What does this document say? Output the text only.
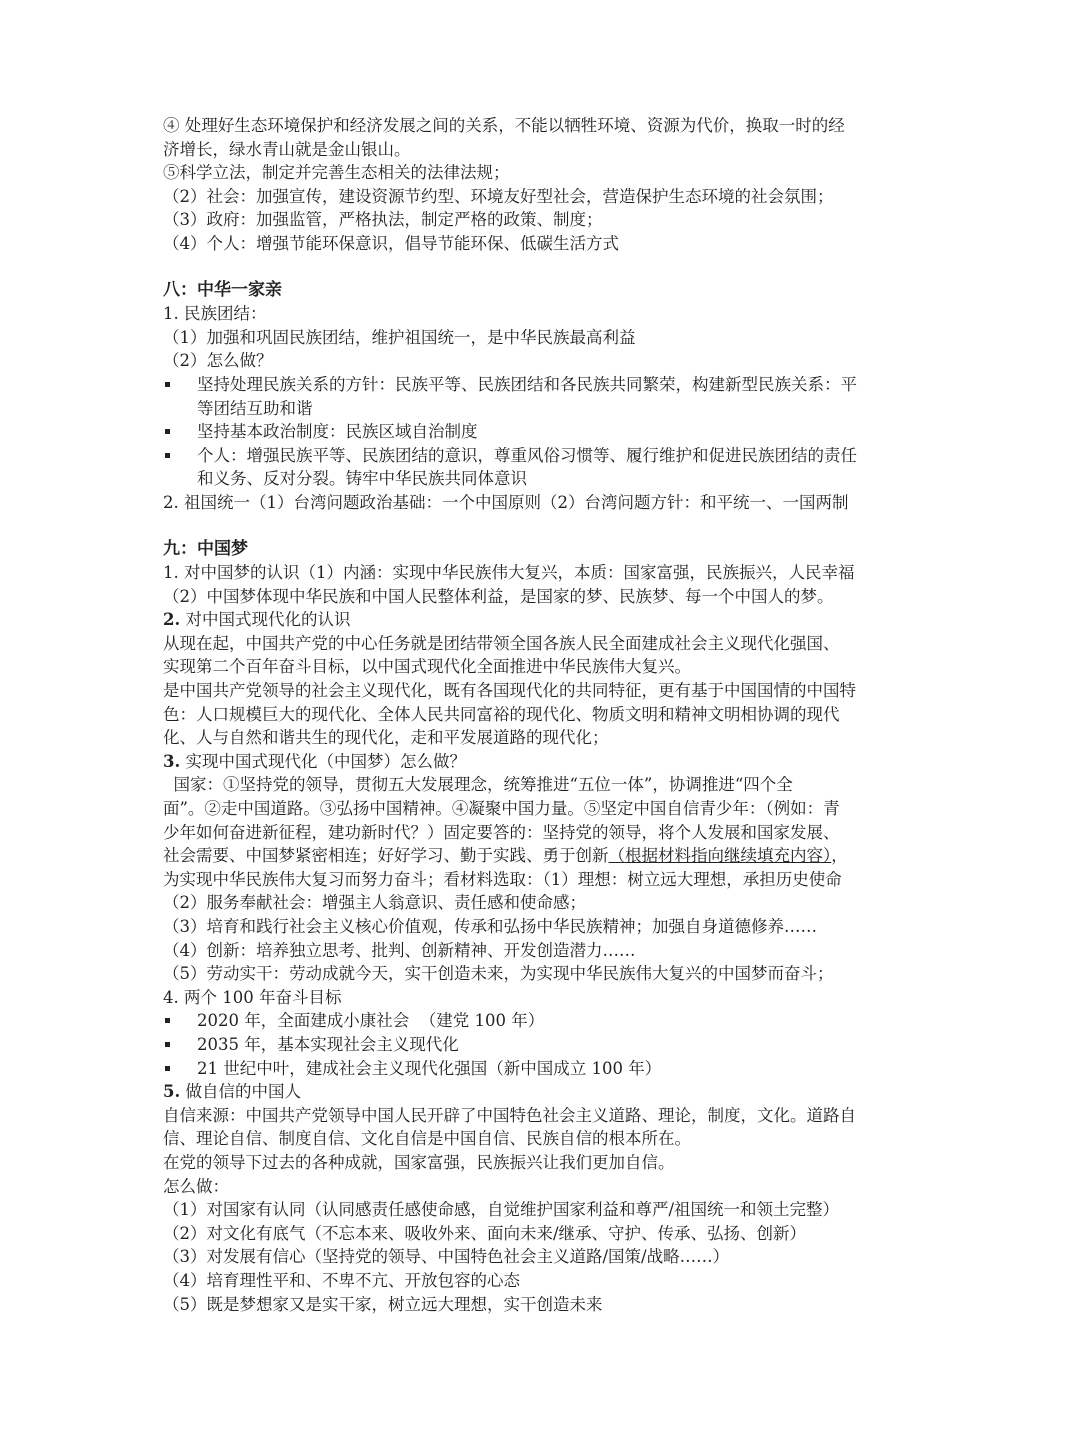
④ 处理好生态环境保护和经济发展之间的关系，不能以牺牲环境、资源为代价，换取一时的经
济增长，绿水青山就是金山银山。
⑤科学立法，制定并完善生态相关的法律法规；
（2）社会：加强宣传，建设资源节约型、环境友好型社会，营造保护生态环境的社会氛围；
（3）政府：加强监管，严格执法，制定严格的政策、制度；
（4）个人：增强节能环保意识，倡导节能环保、低碳生活方式
八：中华一家亲
1. 民族团结：
（1）加强和巩固民族团结，维护祖国统一，是中华民族最高利益
（2）怎么做？
坚持处理民族关系的方针：民族平等、民族团结和各民族共同繁荣，构建新型民族关系：平
等团结互助和谐
坚持基本政治制度：民族区域自治制度
个人：增强民族平等、民族团结的意识，尊重风俗习惯等、履行维护和促进民族团结的责任
和义务、反对分裂。铸牢中华民族共同体意识
2. 祖国统一（1）台湾问题政治基础：一个中国原则（2）台湾问题方针：和平统一、一国两制
九：中国梦
1. 对中国梦的认识（1）内涵：实现中华民族伟大复兴，本质：国家富强，民族振兴，人民幸福
（2）中国梦体现中华民族和中国人民整体利益，是国家的梦、民族梦、每一个中国人的梦。
2. 对中国式现代化的认识
从现在起，中国共产党的中心任务就是团结带领全国各族人民全面建成社会主义现代化强国、
实现第二个百年奋斗目标，以中国式现代化全面推进中华民族伟大复兴。
是中国共产党领导的社会主义现代化，既有各国现代化的共同特征，更有基于中国国情的中国特
色：人口规模巨大的现代化、全体人民共同富裕的现代化、物质文明和精神文明相协调的现代
化、人与自然和谐共生的现代化，走和平发展道路的现代化；
3. 实现中国式现代化（中国梦）怎么做？
国家：①坚持党的领导，贯彻五大发展理念，统筹推进“五位一体”，协调推进“四个全
面”。②走中国道路。③弘扬中国精神。④凝聚中国力量。⑤坚定中国自信青少年：（例如：青
少年如何奋进新征程，建功新时代？）固定要答的：坚持党的领导，将个人发展和国家发展、
社会需要、中国梦紧密相连；好好学习、勤于实践、勇于创新（根据材料指向继续填充内容），
为实现中华民族伟大复习而努力奋斗；看材料选取：（1）理想：树立远大理想，承担历史使命
（2）服务奉献社会：增强主人翁意识、责任感和使命感；
（3）培育和践行社会主义核心价值观，传承和弘扬中华民族精神；加强自身道德修养……
（4）创新：培养独立思考、批判、创新精神、开发创造潜力……
（5）劳动实干：劳动成就今天，实干创造未来，为实现中华民族伟大复兴的中国梦而奋斗；
4. 两个 100 年奋斗目标
2020 年，全面建成小康社会  （建党 100 年）
2035 年，基本实现社会主义现代化
21 世纪中叶，建成社会主义现代化强国（新中国成立 100 年）
5. 做自信的中国人
自信来源：中国共产党领导中国人民开辟了中国特色社会主义道路、理论，制度，文化。道路自
信、理论自信、制度自信、文化自信是中国自信、民族自信的根本所在。
在党的领导下过去的各种成就，国家富强，民族振兴让我们更加自信。
怎么做：
（1）对国家有认同（认同感责任感使命感，自觉维护国家利益和尊严/祖国统一和领土完整）
（2）对文化有底气（不忘本来、吸收外来、面向未来/继承、守护、传承、弘扬、创新）
（3）对发展有信心（坚持党的领导、中国特色社会主义道路/国策/战略……）
（4）培育理性平和、不卑不亢、开放包容的心态
（5）既是梦想家又是实干家，树立远大理想，实干创造未来
